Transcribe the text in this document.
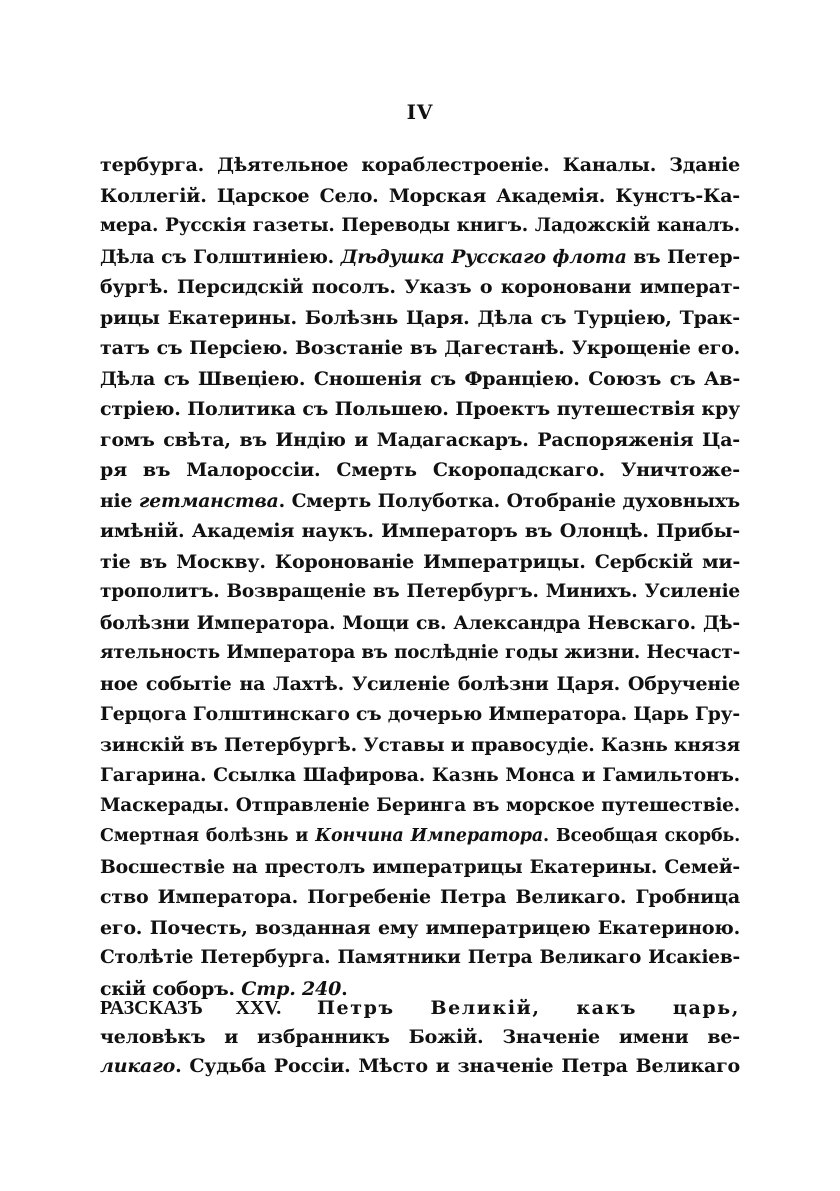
IV
тербурга. Дѣятельное кораблестроенiе. Каналы. Зданiе
Коллегiй. Царское Село. Морская Академiя. Кунстъ-Ка-
мера. Русскiя газеты. Переводы книгъ. Ладожскiй каналъ.
Дѣла съ Голштинiею. Дѣдушка Русскаго флота въ Петер-
бургѣ. Персидскiй посолъ. Указъ о короновани императ-
рицы Екатерины. Болѣзнь Царя. Дѣла съ Турцiею, Трак-
татъ съ Персiею. Возстанiе въ Дагестанѣ. Укрощенiе его.
Дѣла съ Швецiею. Сношенiя съ Францiею. Союзъ съ Ав-
стрiею. Политика съ Польшею. Проектъ путешествiя кру
гомъ свѣта, въ Индiю и Мадагаскаръ. Распоряженiя Ца-
ря въ Малороссiи. Смерть Скоропадскаго. Уничтоже-
нiе гетманства. Смерть Полуботка. Отобранiе духовныхъ
имѣнiй. Академiя наукъ. Императоръ въ Олонцѣ. Прибы-
тiе въ Москву. Коронованiе Императрицы. Сербскiй ми-
трополитъ. Возвращенiе въ Петербургъ. Минихъ. Усиленiе
болѣзни Императора. Мощи св. Александра Невскаго. Дѣ-
ятельность Императора въ послѣднiе годы жизни. Несчаст-
ное событiе на Лахтѣ. Усиленiе болѣзни Царя. Обрученiе
Герцога Голштинскаго съ дочерью Императора. Царь Гру-
зинскiй въ Петербургѣ. Уставы и правосудiе. Казнь князя
Гагарина. Ссылка Шафирова. Казнь Монса и Гамильтонъ.
Маскерады. Отправленiе Беринга въ морское путешествiе.
Смертная болѣзнь и Кончина Императора. Всеобщая скорбь.
Восшествiе на престолъ императрицы Екатерины. Семей-
ство Императора. Погребенiе Петра Великаго. Гробница
его. Почесть, возданная ему императрицею Екатериною.
Столѣтiе Петербурга. Памятники Петра Великаго Исакiев-
скiй соборъ. Стр. 240.
РАЗСКАЗЪ XXV. Петръ Великiй, какъ царь,
человѣкъ и избранникъ Божiй. Значенiе имени ве-
ликаго. Судьба Россiи. Мѣсто и значенiе Петра Великаго
